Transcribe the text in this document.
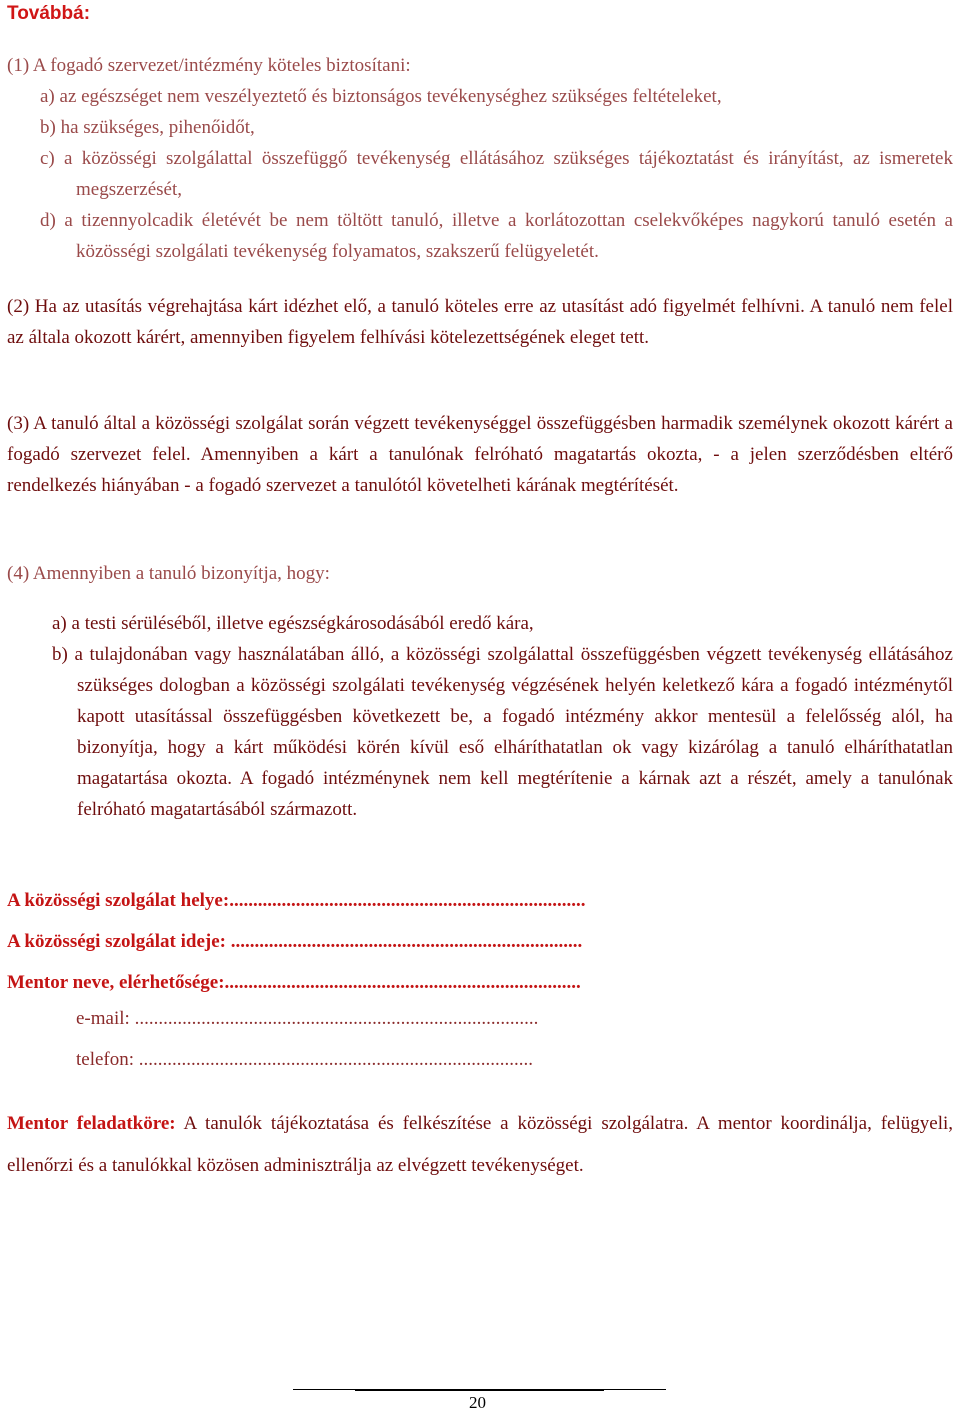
Továbbá:
(1) A fogadó szervezet/intézmény köteles biztosítani:
a) az egészséget nem veszélyeztető és biztonságos tevékenységhez szükséges feltételeket,
b) ha szükséges, pihenőidőt,
c) a közösségi szolgálattal összefüggő tevékenység ellátásához szükséges tájékoztatást és irányítást, az ismeretek megszerzését,
d) a tizennyolcadik életévét be nem töltött tanuló, illetve a korlátozottan cselekvőképes nagykorú tanuló esetén a közösségi szolgálati tevékenység folyamatos, szakszerű felügyeletét.
(2) Ha az utasítás végrehajtása kárt idézhet elő, a tanuló köteles erre az utasítást adó figyelmét felhívni. A tanuló nem felel az általa okozott kárért, amennyiben figyelem felhívási kötelezettségének eleget tett.
(3) A tanuló által a közösségi szolgálat során végzett tevékenységgel összefüggésben harmadik személynek okozott kárért a fogadó szervezet felel. Amennyiben a kárt a tanulónak felróható magatartás okozta, - a jelen szerződésben eltérő rendelkezés hiányában - a fogadó szervezet a tanulótól követelheti kárának megtérítését.
(4) Amennyiben a tanuló bizonyítja, hogy:
a) a testi sérüléséből, illetve egészségkárosodásából eredő kára,
b) a tulajdonában vagy használatában álló, a közösségi szolgálattal összefüggésben végzett tevékenység ellátásához szükséges dologban a közösségi szolgálati tevékenység végzésének helyén keletkező kára a fogadó intézménytől kapott utasítással összefüggésben következett be, a fogadó intézmény akkor mentesül a felelősség alól, ha bizonyítja, hogy a kárt működési körén kívül eső elháríthatatlan ok vagy kizárólag a tanuló elháríthatatlan magatartása okozta. A fogadó intézménynek nem kell megtérítenie a kárnak azt a részét, amely a tanulónak felróható magatartásából származott.
A közösségi szolgálat helye:...........................................................................
A közösségi szolgálat ideje: ..........................................................................
Mentor neve, elérhetősége:...........................................................................
e-mail: .....................................................................................
telefon: ...................................................................................
Mentor feladatköre: A tanulók tájékoztatása és felkészítése a közösségi szolgálatra. A mentor koordinálja, felügyeli, ellenőrzi és a tanulókkal közösen adminisztrálja az elvégzett tevékenységet.
20
